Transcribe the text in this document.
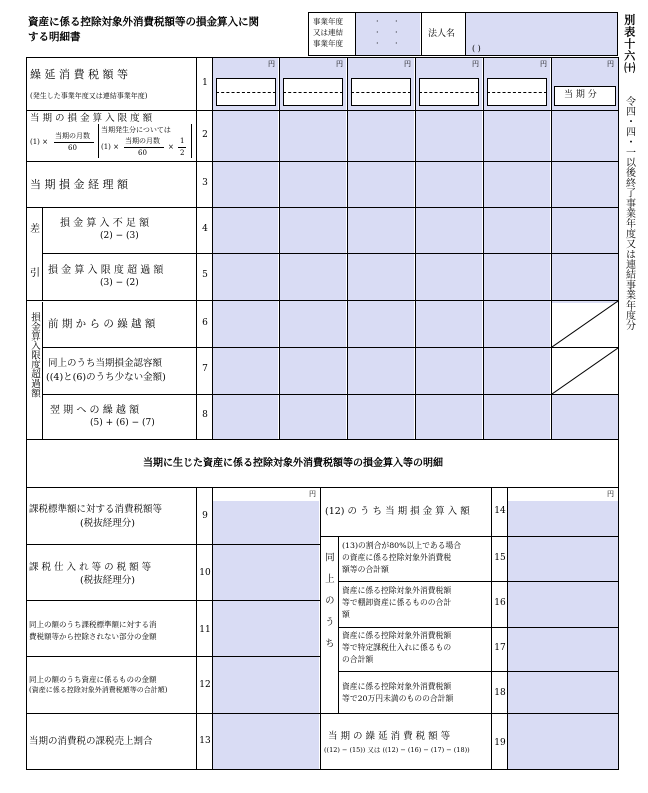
資産に係る控除対象外消費税額等の損金算入に関
する明細書
事業年度
又は連結
事業年度
·
·
·
·
·
·
法人名
( )	別表十六㈩
令四・四・一以後終了事業年度又は連結事業年度分
当 期 分
円	円	円	円	円	円
繰 延 消 費 税 額 等
(発生した事業年度又は連結事業年度)
1
当 期 の 損 金 算 入 限 度 額
(1) ×
当期の月数
60
当期発生分については
(1) ×
当期の月数
60
×
1
2
2
当 期 損 金 経 理 額	3
差
引
損 金 算 入 不 足 額
(2) − (3)
4
損 金 算 入 限 度 超 過 額
(3) − (2)
5
損金算入限度超過額 前 期 か ら の 繰 越 額	6
同上のうち当期損金認容額
((4)と(6)のうち少ない金額)
7
翌 期 へ の 繰 越 額
(5) + (6) − (7)
8
当期に生じた資産に係る控除対象外消費税額等の損金算入等の明細
円	円
課税標準額に対する消費税額等
(税抜経理分)
9
課 税 仕 入 れ 等 の 税 額 等
(税抜経理分)
10
同上の額のうち課税標準額に対する消
費税額等から控除されない部分の金額
11
同上の額のうち資産に係るものの金額
(資産に係る控除対象外消費税額等の合計額)	12
当期の消費税の課税売上割合	13
(12) の う ち 当 期 損 金 算 入 額	14
同上のうち
(13)の割合が80%以上である場合
の資産に係る控除対象外消費税
額等の合計額
15
資産に係る控除対象外消費税額
等で棚卸資産に係るものの合計
額
16
資産に係る控除対象外消費税額
等で特定課税仕入れに係るもの
の合計額
17
資産に係る控除対象外消費税額
等で20万円未満のものの合計額
18
当 期 の 繰 延 消 費 税 額 等
((12) − (15)) 又は ((12) − (16) − (17) − (18))
19
